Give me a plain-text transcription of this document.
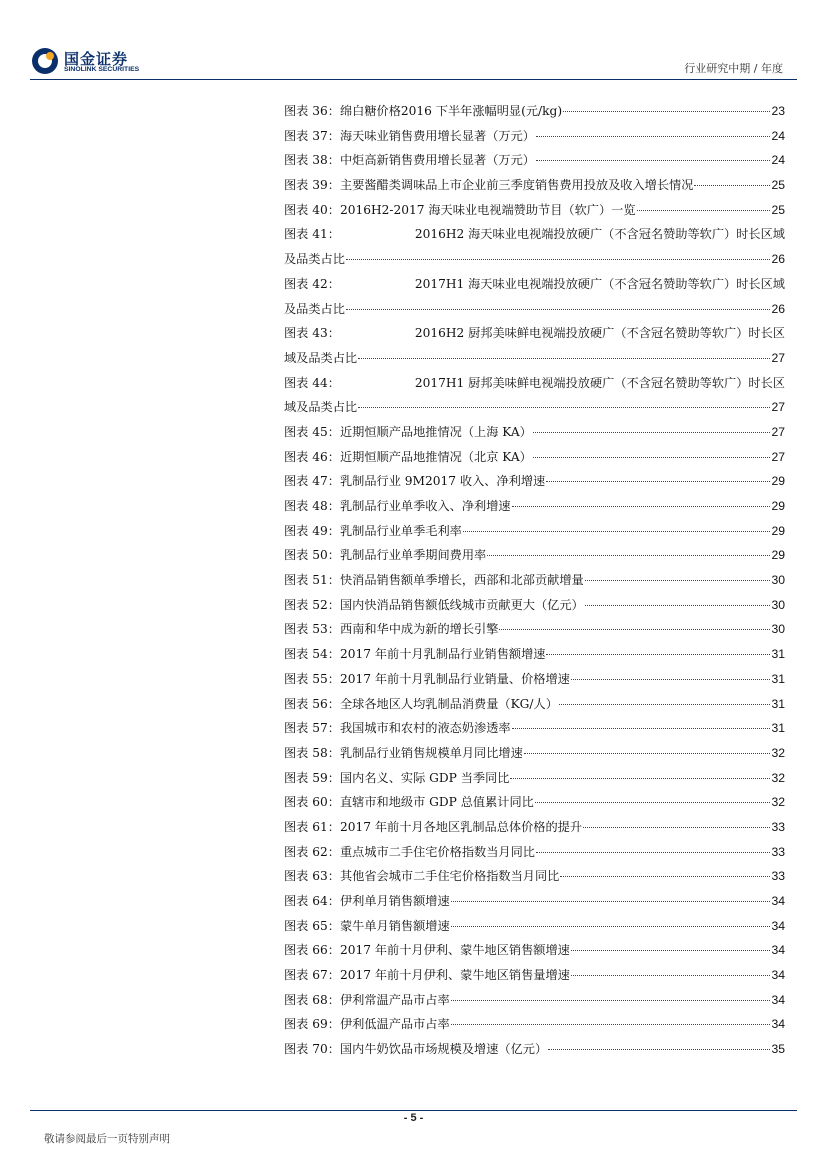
国金证券
SINOLINK SECURITIES	行业研究中期 / 年度
图表 36： 绵白糖价格2016 下半年涨幅明显(元/kg)	23
图表 37： 海天味业销售费用增长显著（万元）	24
图表 38： 中炬高新销售费用增长显著（万元）	24
图表 39： 主要酱醋类调味品上市企业前三季度销售费用投放及收入增长情况	25
图表 40： 2016H2-2017 海天味业电视端赞助节目（软广）一览	25
图表 41：	2016H2 海天味业电视端投放硬广（不含冠名赞助等软广）时长区域
及品类占比	26
图表 42：	2017H1 海天味业电视端投放硬广（不含冠名赞助等软广）时长区域
及品类占比	26
图表 43：	2016H2 厨邦美味鲜电视端投放硬广（不含冠名赞助等软广）时长区
域及品类占比	27
图表 44：	2017H1 厨邦美味鲜电视端投放硬广（不含冠名赞助等软广）时长区
域及品类占比	27
图表 45： 近期恒顺产品地推情况（上海 KA）	27
图表 46： 近期恒顺产品地推情况（北京 KA）	27
图表 47： 乳制品行业 9M2017 收入、净利增速	29
图表 48： 乳制品行业单季收入、净利增速	29
图表 49： 乳制品行业单季毛利率	29
图表 50： 乳制品行业单季期间费用率	29
图表 51： 快消品销售额单季增长，西部和北部贡献增量	30
图表 52： 国内快消品销售额低线城市贡献更大（亿元）	30
图表 53： 西南和华中成为新的增长引擎	30
图表 54： 2017 年前十月乳制品行业销售额增速	31
图表 55： 2017 年前十月乳制品行业销量、价格增速	31
图表 56： 全球各地区人均乳制品消费量（KG/人）	31
图表 57： 我国城市和农村的液态奶渗透率	31
图表 58： 乳制品行业销售规模单月同比增速	32
图表 59： 国内名义、实际 GDP 当季同比	32
图表 60： 直辖市和地级市 GDP 总值累计同比	32
图表 61： 2017 年前十月各地区乳制品总体价格的提升	33
图表 62： 重点城市二手住宅价格指数当月同比	33
图表 63： 其他省会城市二手住宅价格指数当月同比	33
图表 64： 伊利单月销售额增速	34
图表 65： 蒙牛单月销售额增速	34
图表 66： 2017 年前十月伊利、蒙牛地区销售额增速	34
图表 67： 2017 年前十月伊利、蒙牛地区销售量增速	34
图表 68： 伊利常温产品市占率	34
图表 69： 伊利低温产品市占率	34
图表 70： 国内牛奶饮品市场规模及增速（亿元）	35
- 5 -
敬请参阅最后一页特别声明
